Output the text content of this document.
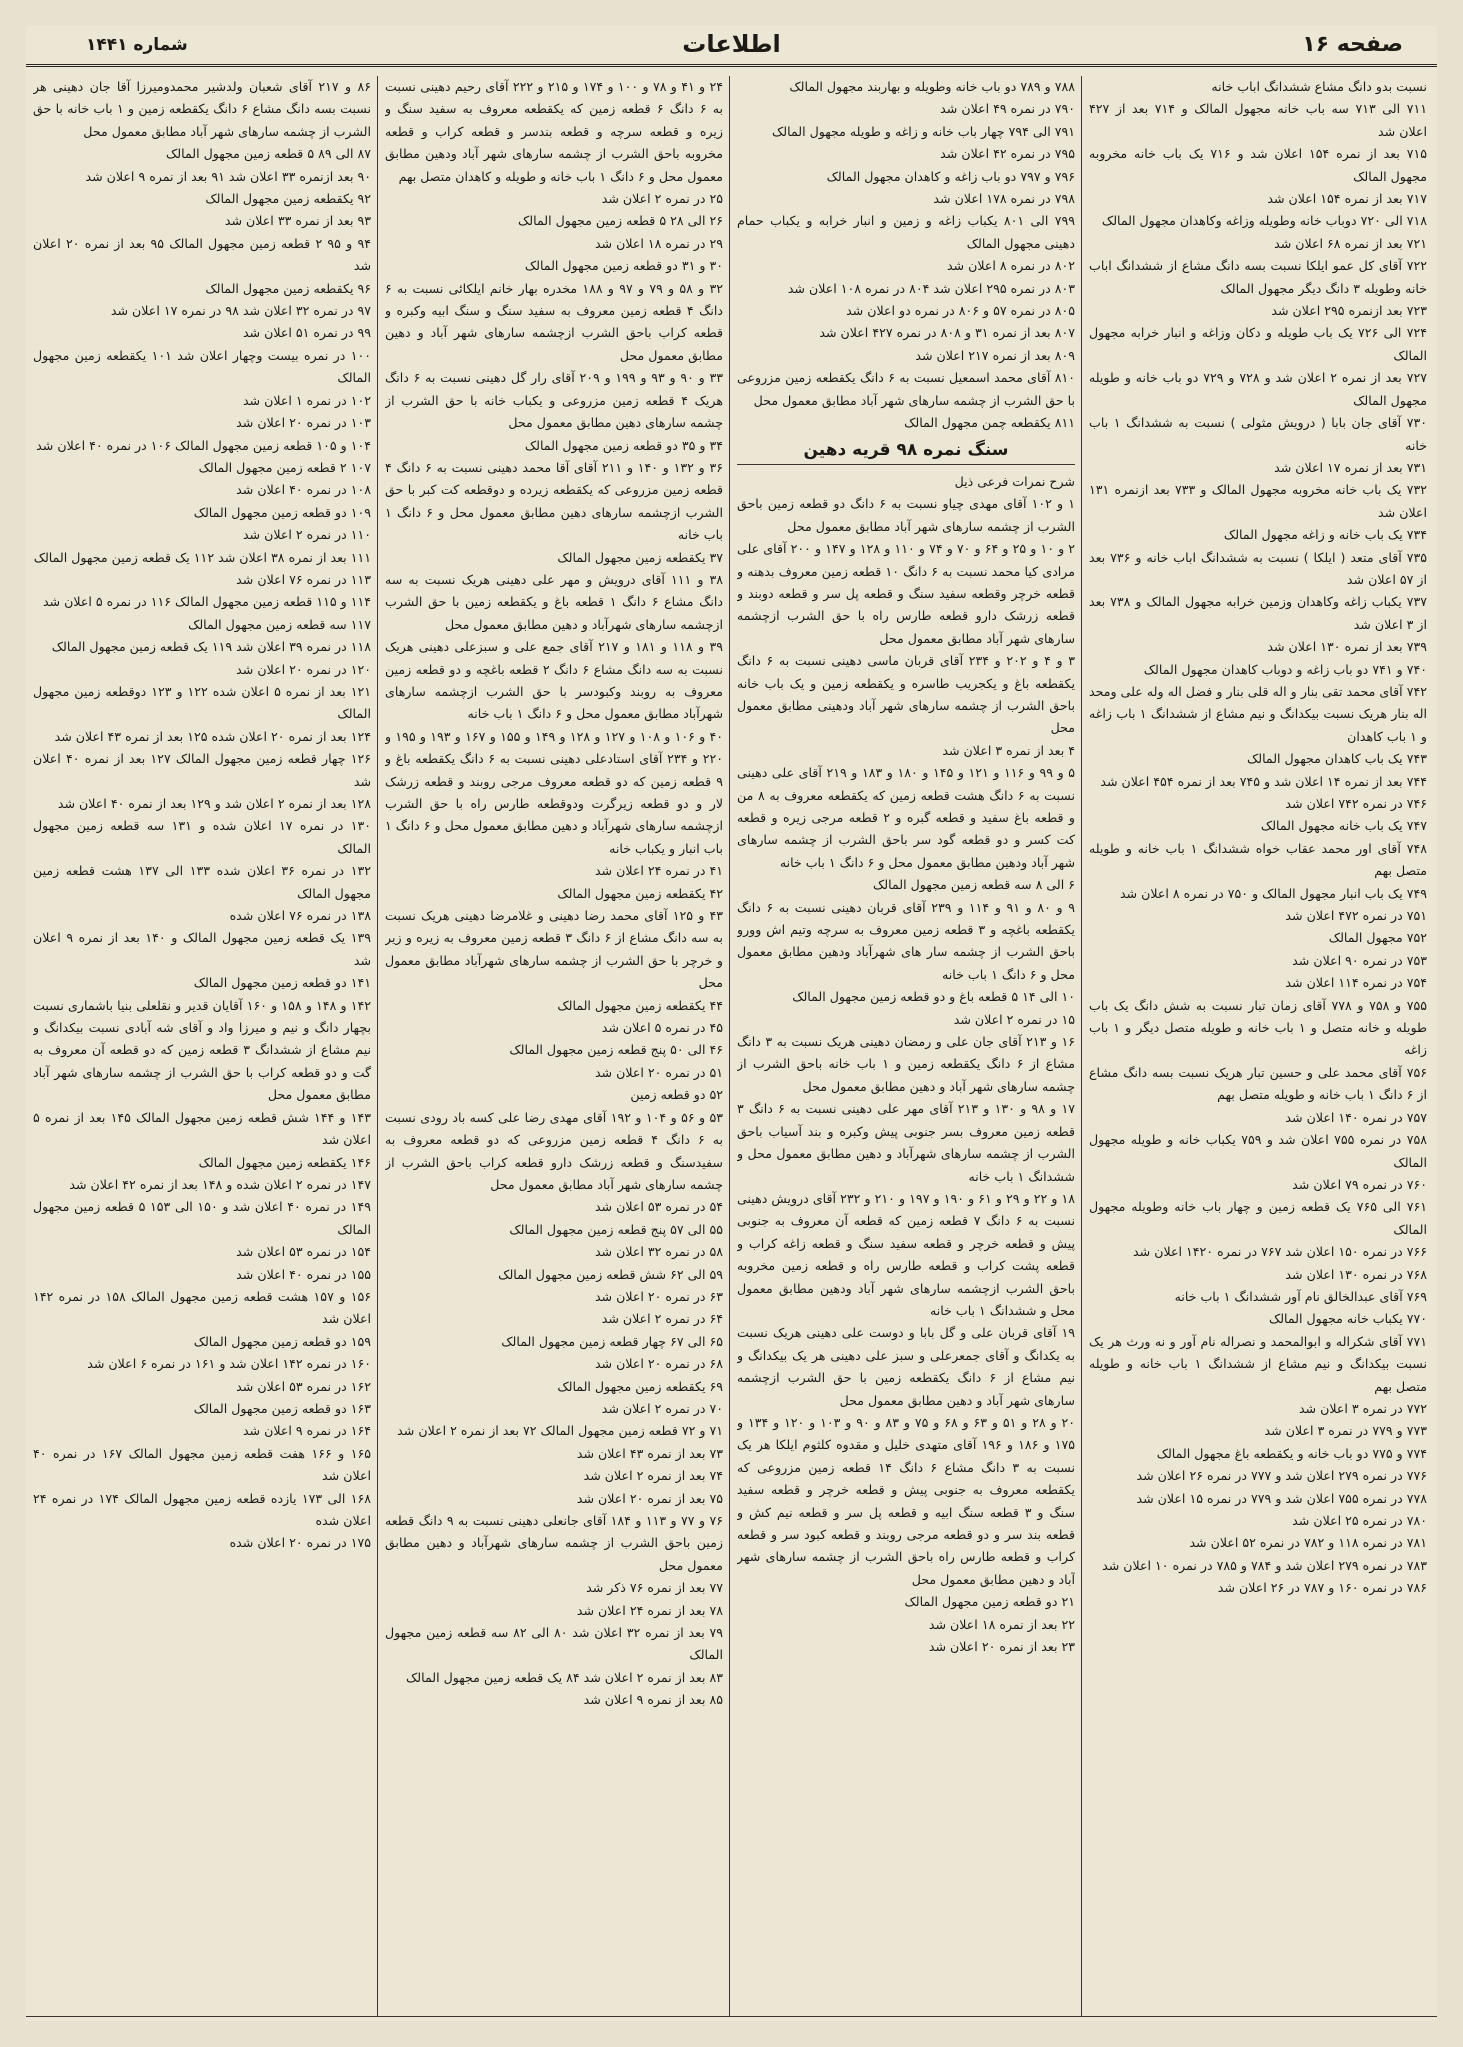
صفحه ۱۶
اطلاعات
شماره ۱۴۴۱

نسبت بدو دانگ مشاع ششدانگ اباب خانه

۷۱۱ الی ۷۱۳ سه باب خانه مجهول المالک و ۷۱۴ بعد از ۴۲۷ اعلان شد

۷۱۵ بعد از نمره ۱۵۴ اعلان شد و ۷۱۶ یک باب خانه مخروبه مجهول المالک

۷۱۷ بعد از نمره ۱۵۴ اعلان شد

۷۱۸ الی ۷۲۰ دوباب خانه وطویله وزاغه وکاهدان مجهول المالک

۷۲۱ بعد از نمره ۶۸ اعلان شد

۷۲۲ آقای کل عمو ایلکا نسبت بسه دانگ مشاع از ششدانگ اباب خانه وطویله ۳ دانگ دیگر مجهول المالک

۷۲۳ بعد ازنمره ۲۹۵ اعلان شد

۷۲۴ الی ۷۲۶ یک باب طویله و دکان وزاغه و انبار خرابه مجهول المالک

۷۲۷ بعد از نمره ۲ اعلان شد و ۷۲۸ و ۷۲۹ دو باب خانه و طویله مجهول المالک

۷۳۰ آقای جان بابا ( درویش مثولی ) نسبت به ششدانگ ۱ باب خانه

۷۳۱ بعد از نمره ۱۷ اعلان شد

۷۳۲ یک باب خانه مخروبه مجهول المالک و ۷۳۳ بعد ازنمره ۱۳۱ اعلان شد

۷۳۴ یک باب خانه و زاغه مجهول المالک

۷۳۵ آقای متعد ( ایلکا ) نسبت به ششدانگ اباب خانه و ۷۳۶ بعد از ۵۷ اعلان شد

۷۳۷ یکباب زاغه وکاهدان وزمین خرابه مجهول المالک و ۷۳۸ بعد از ۳ اعلان شد

۷۳۹ بعد از نمره ۱۳۰ اعلان شد

۷۴۰ و ۷۴۱ دو باب زاغه و دوباب کاهدان مجهول المالک

۷۴۲ آقای محمد تقی بنار و اله قلی بنار و فضل اله وله علی ومحد اله بنار هریک نسبت بیکدانگ و نیم مشاع از ششدانگ ۱ باب زاغه و ۱ باب کاهدان

۷۴۳ یک باب کاهدان مجهول المالک

۷۴۴ بعد از نمره ۱۴ اعلان شد و ۷۴۵ بعد از نمره ۴۵۴ اعلان شد

۷۴۶ در نمره ۷۴۲ اعلان شد

۷۴۷ یک باب خانه مجهول المالک

۷۴۸ آقای اور محمد عقاب خواه ششدانگ ۱ باب خانه و طویله متصل بهم

۷۴۹ یک باب انبار مجهول المالک و ۷۵۰ در نمره ۸ اعلان شد

۷۵۱ در نمره ۴۷۲ اعلان شد

۷۵۲ مجهول المالک

۷۵۳ در نمره ۹۰ اعلان شد

۷۵۴ در نمره ۱۱۴ اعلان شد

۷۵۵ و ۷۵۸ و ۷۷۸ آقای زمان تبار نسبت به شش دانگ یک باب طویله و خانه متصل و ۱ باب خانه و طویله متصل دیگر و ۱ باب زاغه

۷۵۶ آقای محمد علی و حسین تبار هریک نسبت بسه دانگ مشاع از ۶ دانگ ۱ باب خانه و طویله متصل بهم

۷۵۷ در نمره ۱۴۰ اعلان شد

۷۵۸ در نمره ۷۵۵ اعلان شد و ۷۵۹ یکباب خانه و طویله مجهول المالک

۷۶۰ در نمره ۷۹ اعلان شد

۷۶۱ الی ۷۶۵ یک قطعه زمین و چهار باب خانه وطویله مجهول المالک

۷۶۶ در نمره ۱۵۰ اعلان شد ۷۶۷ در نمره ۱۴۲۰ اعلان شد

۷۶۸ در نمره ۱۳۰ اعلان شد

۷۶۹ آقای عبدالخالق نام آور ششدانگ ۱ باب خانه

۷۷۰ یکباب خانه مجهول المالک

۷۷۱ آقای شکراله و ابوالمحمد و نصراله نام آور و نه ورث هر یک نسبت بیکدانگ و نیم مشاع از ششدانگ ۱ باب خانه و طویله متصل بهم

۷۷۲ در نمره ۳ اعلان شد

۷۷۳ و ۷۷۹ در نمره ۳ اعلان شد

۷۷۴ و ۷۷۵ دو باب خانه و یکقطعه باغ مجهول المالک

۷۷۶ در نمره ۲۷۹ اعلان شد و ۷۷۷ در نمره ۲۶ اعلان شد

۷۷۸ در نمره ۷۵۵ اعلان شد و ۷۷۹ در نمره ۱۵ اعلان شد

۷۸۰ در نمره ۲۵ اعلان شد

۷۸۱ در نمره ۱۱۸ و ۷۸۲ در نمره ۵۲ اعلان شد

۷۸۳ در نمره ۲۷۹ اعلان شد و ۷۸۴ و ۷۸۵ در نمره ۱۰ اعلان شد

۷۸۶ در نمره ۱۶۰ و ۷۸۷ در ۲۶ اعلان شد

۷۸۸ و ۷۸۹ دو باب خانه وطویله و بهاربند مجهول المالک

۷۹۰ در نمره ۴۹ اعلان شد

۷۹۱ الی ۷۹۴ چهار باب خانه و زاغه و طویله مجهول المالک

۷۹۵ در نمره ۴۲ اعلان شد

۷۹۶ و ۷۹۷ دو باب زاغه و کاهدان مجهول المالک

۷۹۸ در نمره ۱۷۸ اعلان شد

۷۹۹ الی ۸۰۱ یکباب زاغه و زمین و انبار خرابه و یکباب حمام دهینی مجهول المالک

۸۰۲ در نمره ۸ اعلان شد

۸۰۳ در نمره ۲۹۵ اعلان شد ۸۰۴ در نمره ۱۰۸ اعلان شد

۸۰۵ در نمره ۵۷ و ۸۰۶ در نمره دو اعلان شد

۸۰۷ بعد از نمره ۳۱ و ۸۰۸ در نمره ۴۲۷ اعلان شد

۸۰۹ بعد از نمره ۲۱۷ اعلان شد

۸۱۰ آقای محمد اسمعیل نسبت به ۶ دانگ یکقطعه زمین مزروعی با حق الشرب از چشمه سارهای شهر آباد مطابق معمول محل

۸۱۱ یکقطعه چمن مجهول المالک

سنگ نمره ۹۸ قریه دهین

شرح نمرات فرعی ذیل

۱ و ۱۰۲ آقای مهدی چیاو نسبت به ۶ دانگ دو قطعه زمین باحق الشرب از چشمه سارهای شهر آباد مطابق معمول محل

۲ و ۱۰ و ۲۵ و ۶۴ و ۷۰ و ۷۴ و ۱۱۰ و ۱۲۸ و ۱۴۷ و ۲۰۰ آقای علی مرادی کیا محمد نسبت به ۶ دانگ ۱۰ قطعه زمین معروف بدهنه و قطعه خرچر وقطعه سفید سنگ و قطعه پل سر و قطعه دوبند و قطعه زرشک دارو قطعه طارس راه با حق الشرب ازچشمه سارهای شهر آباد مطابق معمول محل

۳ و ۴ و ۲۰۲ و ۲۳۴ آقای قربان ماسی دهینی نسبت به ۶ دانگ یکقطعه باغ و یکجریب طاسره و یکقطعه زمین و یک باب خانه باحق الشرب از چشمه سارهای شهر آباد ودهینی مطابق معمول محل

۴ بعد از نمره ۳ اعلان شد

۵ و ۹۹ و ۱۱۶ و ۱۲۱ و ۱۴۵ و ۱۸۰ و ۱۸۳ و ۲۱۹ آقای علی دهینی نسبت به ۶ دانگ هشت قطعه زمین که یکقطعه معروف به ۸ من و قطعه باغ سفید و قطعه گبره و ۲ قطعه مرجی زیره و قطعه کت کسر و دو قطعه گود سر باحق الشرب از چشمه سارهای شهر آباد ودهین مطابق معمول محل و ۶ دانگ ۱ باب خانه

۶ الی ۸ سه قطعه زمین مجهول المالک

۹ و ۸۰ و ۹۱ و ۱۱۴ و ۲۳۹ آقای قربان دهینی نسبت به ۶ دانگ یکقطعه باغچه و ۳ قطعه زمین معروف به سرچه وتیم اش وورو باحق الشرب از چشمه سار های شهرآباد ودهین مطابق معمول محل و ۶ دانگ ۱ باب خانه

۱۰ الی ۱۴ ۵ قطعه باغ و دو قطعه زمین مجهول المالک

۱۵ در نمره ۲ اعلان شد

۱۶ و ۲۱۳ آقای جان علی و رمضان دهینی هریک نسبت به ۳ دانگ مشاع از ۶ دانگ یکقطعه زمین و ۱ باب خانه باحق الشرب از چشمه سارهای شهر آباد و دهین مطابق معمول محل

۱۷ و ۹۸ و ۱۳۰ و ۲۱۳ آقای مهر علی دهینی نسبت به ۶ دانگ ۳ قطعه زمین معروف بسر جنوبی پیش وکبره و بند آسیاب باحق الشرب از چشمه سارهای شهرآباد و دهین مطابق معمول محل و ششدانگ ۱ باب خانه

۱۸ و ۲۲ و ۲۹ و ۶۱ و ۱۹۰ و ۱۹۷ و ۲۱۰ و ۲۳۲ آقای درویش دهینی نسبت به ۶ دانگ ۷ قطعه زمین که قطعه آن معروف به جنوبی پیش و قطعه خرچر و قطعه سفید سنگ و قطعه زاغه کراب و قطعه پشت کراب و قطعه طارس راه و قطعه زمین مخروبه باحق الشرب ازچشمه سارهای شهر آباد ودهین مطابق معمول محل و ششدانگ ۱ باب خانه

۱۹ آقای قربان علی و گل بابا و دوست علی دهینی هریک نسبت به یکدانگ و آقای جمعرعلی و سبز علی دهینی هر یک بیکدانگ و نیم مشاع از ۶ دانگ یکقطعه زمین با حق الشرب ازچشمه سارهای شهر آباد و دهین مطابق معمول محل

۲۰ و ۲۸ و ۵۱ و ۶۳ و ۶۸ و ۷۵ و ۸۳ و ۹۰ و ۱۰۳ و ۱۲۰ و ۱۳۴ و ۱۷۵ و ۱۸۶ و ۱۹۶ آقای متهدی خلیل و مقدوه کلثوم ایلکا هر یک نسبت به ۳ دانگ مشاع ۶ دانگ ۱۴ قطعه زمین مزروعی که یکقطعه معروف به جنوبی پیش و قطعه خرچر و قطعه سفید سنگ و ۳ قطعه سنگ ابیه و قطعه پل سر و قطعه نیم کش و قطعه بند سر و دو قطعه مرجی روبند و قطعه کبود سر و قطعه کراب و قطعه طارس راه باحق الشرب از چشمه سارهای شهر آباد و دهین مطابق معمول محل

۲۱ دو قطعه زمین مجهول المالک

۲۲ بعد از نمره ۱۸ اعلان شد

۲۳ بعد از نمره ۲۰ اعلان شد

۲۴ و ۴۱ و ۷۸ و ۱۰۰ و ۱۷۴ و ۲۱۵ و ۲۲۲ آقای رحیم دهینی نسبت به ۶ دانگ ۶ قطعه زمین که یکقطعه معروف به سفید سنگ و زیره و قطعه سرچه و قطعه بندسر و قطعه کراب و قطعه مخروبه باحق الشرب از چشمه سارهای شهر آباد ودهین مطابق معمول محل و ۶ دانگ ۱ باب خانه و طویله و کاهدان متصل بهم

۲۵ در نمره ۲ اعلان شد

۲۶ الی ۲۸ ۵ قطعه زمین مجهول المالک

۲۹ در نمره ۱۸ اعلان شد

۳۰ و ۳۱ دو قطعه زمین مجهول المالک

۳۲ و ۵۸ و ۷۹ و ۹۷ و ۱۸۸ مخدره بهار خانم ایلکائی نسبت به ۶ دانگ ۴ قطعه زمین معروف به سفید سنگ و سنگ ابیه وکبره و قطعه کراب باحق الشرب ازچشمه سارهای شهر آباد و دهین مطابق معمول محل

۳۳ و ۹۰ و ۹۳ و ۱۹۹ و ۲۰۹ آقای رار گل دهینی نسبت به ۶ دانگ هریک ۴ قطعه زمین مزروعی و یکباب خانه با حق الشرب از چشمه سارهای دهین مطابق معمول محل

۳۴ و ۳۵ دو قطعه زمین مجهول المالک

۳۶ و ۱۳۲ و ۱۴۰ و ۲۱۱ آقای آقا محمد دهینی نسبت به ۶ دانگ ۴ قطعه زمین مزروعی که یکقطعه زیرده و دوقطعه کت کبر با حق الشرب ازچشمه سارهای دهین مطابق معمول محل و ۶ دانگ ۱ باب خانه

۳۷ یکقطعه زمین مجهول المالک

۳۸ و ۱۱۱ آقای درویش و مهر علی دهینی هریک نسبت به سه دانگ مشاع ۶ دانگ ۱ قطعه باغ و یکقطعه زمین با حق الشرب ازچشمه سارهای شهرآباد و دهین مطابق معمول محل

۳۹ و ۱۱۸ و ۱۸۱ و ۲۱۷ آقای جمع علی و سبزعلی دهینی هریک نسبت به سه دانگ مشاع ۶ دانگ ۲ قطعه باغچه و دو قطعه زمین معروف به روبند وکبودسر با حق الشرب ازچشمه سارهای شهرآباد مطابق معمول محل و ۶ دانگ ۱ باب خانه

۴۰ و ۱۰۶ و ۱۰۸ و ۱۲۷ و ۱۲۸ و ۱۴۹ و ۱۵۵ و ۱۶۷ و ۱۹۳ و ۱۹۵ و ۲۲۰ و ۲۳۴ آقای استادعلی دهینی نسبت به ۶ دانگ یکقطعه باغ و ۹ قطعه زمین که دو قطعه معروف مرجی روبند و قطعه زرشک لار و دو قطعه زیرگرت ودوقطعه طارس راه با حق الشرب ازچشمه سارهای شهرآباد و دهین مطابق معمول محل و ۶ دانگ ۱ باب انبار و یکباب خانه

۴۱ در نمره ۲۴ اعلان شد

۴۲ یکقطعه زمین مجهول المالک

۴۳ و ۱۲۵ آقای محمد رضا دهینی و غلامرضا دهینی هریک نسبت به سه دانگ مشاع از ۶ دانگ ۳ قطعه زمین معروف به زیره و زیر و خرچر با حق الشرب از چشمه سارهای شهرآباد مطابق معمول محل

۴۴ یکقطعه زمین مجهول المالک

۴۵ در نمره ۵ اعلان شد

۴۶ الی ۵۰ پنج قطعه زمین مجهول المالک

۵۱ در نمره ۲۰ اعلان شد

۵۲ دو قطعه زمین

۵۳ و ۵۶ و ۱۰۴ و ۱۹۲ آقای مهدی رضا علی کسه باد رودی نسبت به ۶ دانگ ۴ قطعه زمین مزروعی که دو قطعه معروف به سفیدسنگ و قطعه زرشک دارو قطعه کراب باحق الشرب از چشمه سارهای شهر آباد مطابق معمول محل

۵۴ در نمره ۵۳ اعلان شد

۵۵ الی ۵۷ پنج قطعه زمین مجهول المالک

۵۸ در نمره ۳۲ اعلان شد

۵۹ الی ۶۲ شش قطعه زمین مجهول المالک

۶۳ در نمره ۲۰ اعلان شد

۶۴ در نمره ۲ اعلان شد

۶۵ الی ۶۷ چهار قطعه زمین مجهول المالک

۶۸ در نمره ۲۰ اعلان شد

۶۹ یکقطعه زمین مجهول المالک

۷۰ در نمره ۲ اعلان شد

۷۱ و ۷۲ قطعه زمین مجهول المالک ۷۲ بعد از نمره ۲ اعلان شد

۷۳ بعد از نمره ۴۳ اعلان شد

۷۴ بعد از نمره ۲ اعلان شد

۷۵ بعد از نمره ۲۰ اعلان شد

۷۶ و ۷۷ و ۱۱۳ و ۱۸۴ آقای جانعلی دهینی نسبت به ۹ دانگ قطعه زمین باحق الشرب از چشمه سارهای شهرآباد و دهین مطابق معمول محل

۷۷ بعد از نمره ۷۶ ذکر شد

۷۸ بعد از نمره ۲۴ اعلان شد

۷۹ بعد از نمره ۳۲ اعلان شد ۸۰ الی ۸۲ سه قطعه زمین مجهول المالک

۸۳ بعد از نمره ۲ اعلان شد ۸۴ یک قطعه زمین مجهول المالک

۸۵ بعد از نمره ۹ اعلان شد

۸۶ و ۲۱۷ آقای شعبان ولدشیر محمدومیرزا آقا جان دهینی هر نسبت بسه دانگ مشاع ۶ دانگ یکقطعه زمین و ۱ باب خانه با حق الشرب از چشمه سارهای شهر آباد مطابق معمول محل

۸۷ الی ۸۹ ۵ قطعه زمین مجهول المالک

۹۰ بعد ازنمره ۳۳ اعلان شد ۹۱ بعد از نمره ۹ اعلان شد

۹۲ یکقطعه زمین مجهول المالک

۹۳ بعد از نمره ۳۳ اعلان شد

۹۴ و ۹۵ ۲ قطعه زمین مجهول المالک ۹۵ بعد از نمره ۲۰ اعلان شد

۹۶ یکقطعه زمین مجهول المالک

۹۷ در نمره ۳۲ اعلان شد ۹۸ در نمره ۱۷ اعلان شد

۹۹ در نمره ۵۱ اعلان شد

۱۰۰ در نمره بیست وچهار اعلان شد ۱۰۱ یکقطعه زمین مجهول المالک

۱۰۲ در نمره ۱ اعلان شد

۱۰۳ در نمره ۲۰ اعلان شد

۱۰۴ و ۱۰۵ قطعه زمین مجهول المالک ۱۰۶ در نمره ۴۰ اعلان شد

۱۰۷ ۲ قطعه زمین مجهول المالک

۱۰۸ در نمره ۴۰ اعلان شد

۱۰۹ دو قطعه زمین مجهول المالک

۱۱۰ در نمره ۲ اعلان شد

۱۱۱ بعد از نمره ۳۸ اعلان شد ۱۱۲ یک قطعه زمین مجهول المالک

۱۱۳ در نمره ۷۶ اعلان شد

۱۱۴ و ۱۱۵ قطعه زمین مجهول المالک ۱۱۶ در نمره ۵ اعلان شد

۱۱۷ سه قطعه زمین مجهول المالک

۱۱۸ در نمره ۳۹ اعلان شد ۱۱۹ یک قطعه زمین مجهول المالک

۱۲۰ در نمره ۲۰ اعلان شد

۱۲۱ بعد از نمره ۵ اعلان شده ۱۲۲ و ۱۲۳ دوقطعه زمین مجهول المالک

۱۲۴ بعد از نمره ۲۰ اعلان شده ۱۲۵ بعد از نمره ۴۳ اعلان شد

۱۲۶ چهار قطعه زمین مجهول المالک ۱۲۷ بعد از نمره ۴۰ اعلان شد

۱۲۸ بعد از نمره ۲ اعلان شد و ۱۲۹ بعد از نمره ۴۰ اعلان شد

۱۳۰ در نمره ۱۷ اعلان شده و ۱۳۱ سه قطعه زمین مجهول المالک

۱۳۲ در نمره ۳۶ اعلان شده ۱۳۳ الی ۱۳۷ هشت قطعه زمین مجهول المالک

۱۳۸ در نمره ۷۶ اعلان شده

۱۳۹ یک قطعه زمین مجهول المالک و ۱۴۰ بعد از نمره ۹ اعلان شد

۱۴۱ دو قطعه زمین مجهول المالک

۱۴۲ و ۱۴۸ و ۱۵۸ و ۱۶۰ آقایان قدیر و نقلعلی بنیا باشماری نسبت بچهار دانگ و نیم و میرزا واد و آقای شه آبادی نسبت بیکدانگ و نیم مشاع از ششدانگ ۳ قطعه زمین که دو قطعه آن معروف به گت و دو قطعه کراب با حق الشرب از چشمه سارهای شهر آباد مطابق معمول محل

۱۴۳ و ۱۴۴ شش قطعه زمین مجهول المالک ۱۴۵ بعد از نمره ۵ اعلان شد

۱۴۶ یکقطعه زمین مجهول المالک

۱۴۷ در نمره ۲ اعلان شده و ۱۴۸ بعد از نمره ۴۲ اعلان شد

۱۴۹ در نمره ۴۰ اعلان شد و ۱۵۰ الی ۱۵۳ ۵ قطعه زمین مجهول المالک

۱۵۴ در نمره ۵۳ اعلان شد

۱۵۵ در نمره ۴۰ اعلان شد

۱۵۶ و ۱۵۷ هشت قطعه زمین مجهول المالک ۱۵۸ در نمره ۱۴۲ اعلان شد

۱۵۹ دو قطعه زمین مجهول المالک

۱۶۰ در نمره ۱۴۲ اعلان شد و ۱۶۱ در نمره ۶ اعلان شد

۱۶۲ در نمره ۵۳ اعلان شد

۱۶۳ دو قطعه زمین مجهول المالک

۱۶۴ در نمره ۹ اعلان شد

۱۶۵ و ۱۶۶ هفت قطعه زمین مجهول المالک ۱۶۷ در نمره ۴۰ اعلان شد

۱۶۸ الی ۱۷۳ یازده قطعه زمین مجهول المالک ۱۷۴ در نمره ۲۴ اعلان شده

۱۷۵ در نمره ۲۰ اعلان شده
